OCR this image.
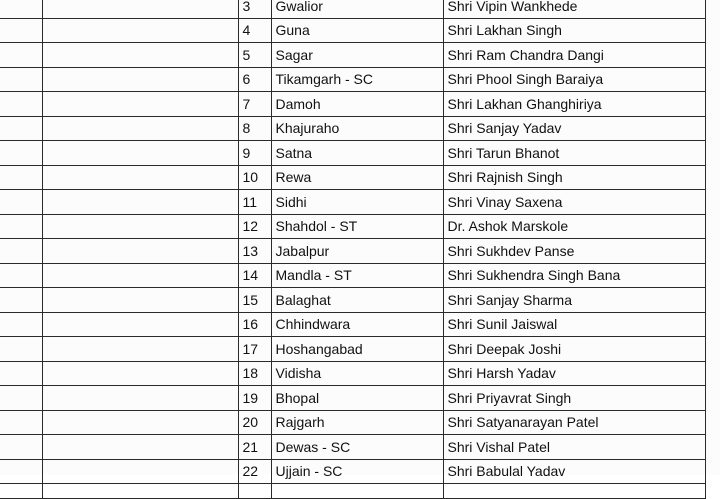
		3	Gwalior	Shri Vipin Wankhede
		4	Guna	Shri Lakhan Singh
		5	Sagar	Shri Ram Chandra Dangi
		6	Tikamgarh - SC	Shri Phool Singh Baraiya
		7	Damoh	Shri Lakhan Ghanghiriya
		8	Khajuraho	Shri Sanjay Yadav
		9	Satna	Shri Tarun Bhanot
		10	Rewa	Shri Rajnish Singh
		11	Sidhi	Shri Vinay Saxena
		12	Shahdol - ST	Dr. Ashok Marskole
		13	Jabalpur	Shri Sukhdev Panse
		14	Mandla - ST	Shri Sukhendra Singh Bana
		15	Balaghat	Shri Sanjay Sharma
		16	Chhindwara	Shri Sunil Jaiswal
		17	Hoshangabad	Shri Deepak Joshi
		18	Vidisha	Shri Harsh Yadav
		19	Bhopal	Shri Priyavrat Singh
		20	Rajgarh	Shri Satyanarayan Patel
		21	Dewas - SC	Shri Vishal Patel
		22	Ujjain - SC	Shri Babulal Yadav
